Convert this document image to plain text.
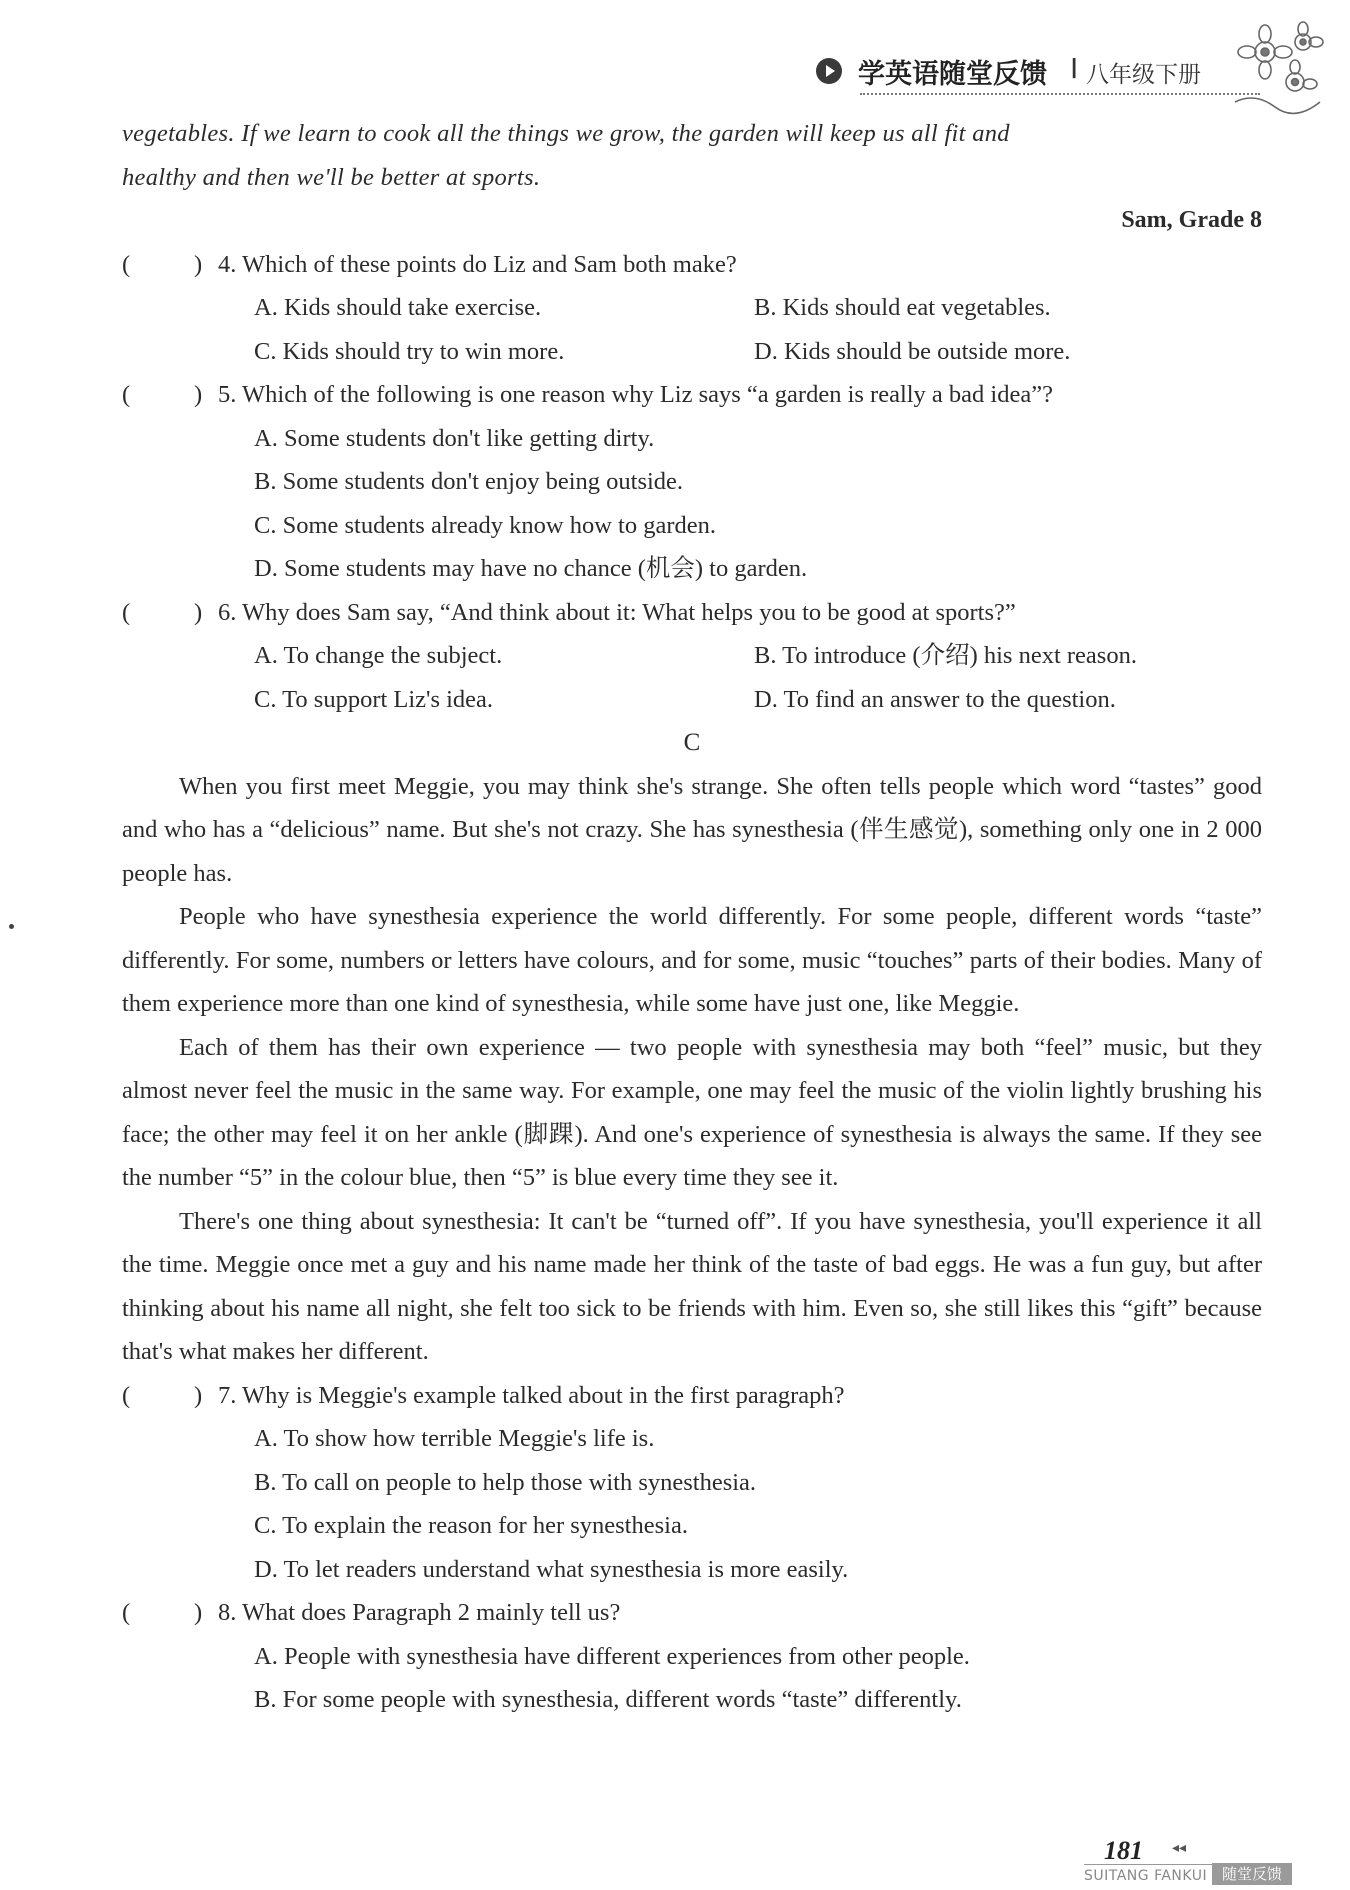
学英语随堂反馈 I 八年级下册

vegetables. If we learn to cook all the things we grow, the garden will keep us all fit and

healthy and then we'll be better at sports.

Sam, Grade 8

(	) 4. Which of these points do Liz and Sam both make?
A. Kids should take exercise.	B. Kids should eat vegetables.
C. Kids should try to win more.	D. Kids should be outside more.
(	) 5. Which of the following is one reason why Liz says “a garden is really a bad idea”?

A. Some students don't like getting dirty.

B. Some students don't enjoy being outside.

C. Some students already know how to garden.

D. Some students may have no chance (机会) to garden.

(	) 6. Why does Sam say, “And think about it: What helps you to be good at sports?”
A. To change the subject.	B. To introduce (介绍) his next reason.
C. To support Liz's idea.	D. To find an answer to the question.

C

When you first meet Meggie, you may think she's strange. She often tells people which word “tastes” good and who has a “delicious” name. But she's not crazy. She has synesthesia (伴生感觉), something only one in 2 000 people has.

People who have synesthesia experience the world differently. For some people, different words “taste” differently. For some, numbers or letters have colours, and for some, music “touches” parts of their bodies. Many of them experience more than one kind of synesthesia, while some have just one, like Meggie.

Each of them has their own experience — two people with synesthesia may both “feel” music, but they almost never feel the music in the same way. For example, one may feel the music of the violin lightly brushing his face; the other may feel it on her ankle (脚踝). And one's experience of synesthesia is always the same. If they see the number “5” in the colour blue, then “5” is blue every time they see it.

There's one thing about synesthesia: It can't be “turned off”. If you have synesthesia, you'll experience it all the time. Meggie once met a guy and his name made her think of the taste of bad eggs. He was a fun guy, but after thinking about his name all night, she felt too sick to be friends with him. Even so, she still likes this “gift” because that's what makes her different.

(	) 7. Why is Meggie's example talked about in the first paragraph?

A. To show how terrible Meggie's life is.

B. To call on people to help those with synesthesia.

C. To explain the reason for her synesthesia.

D. To let readers understand what synesthesia is more easily.

(	) 8. What does Paragraph 2 mainly tell us?

A. People with synesthesia have different experiences from other people.

B. For some people with synesthesia, different words “taste” differently.

181 ◂◂
SUITANG FANKUI 随堂反馈
